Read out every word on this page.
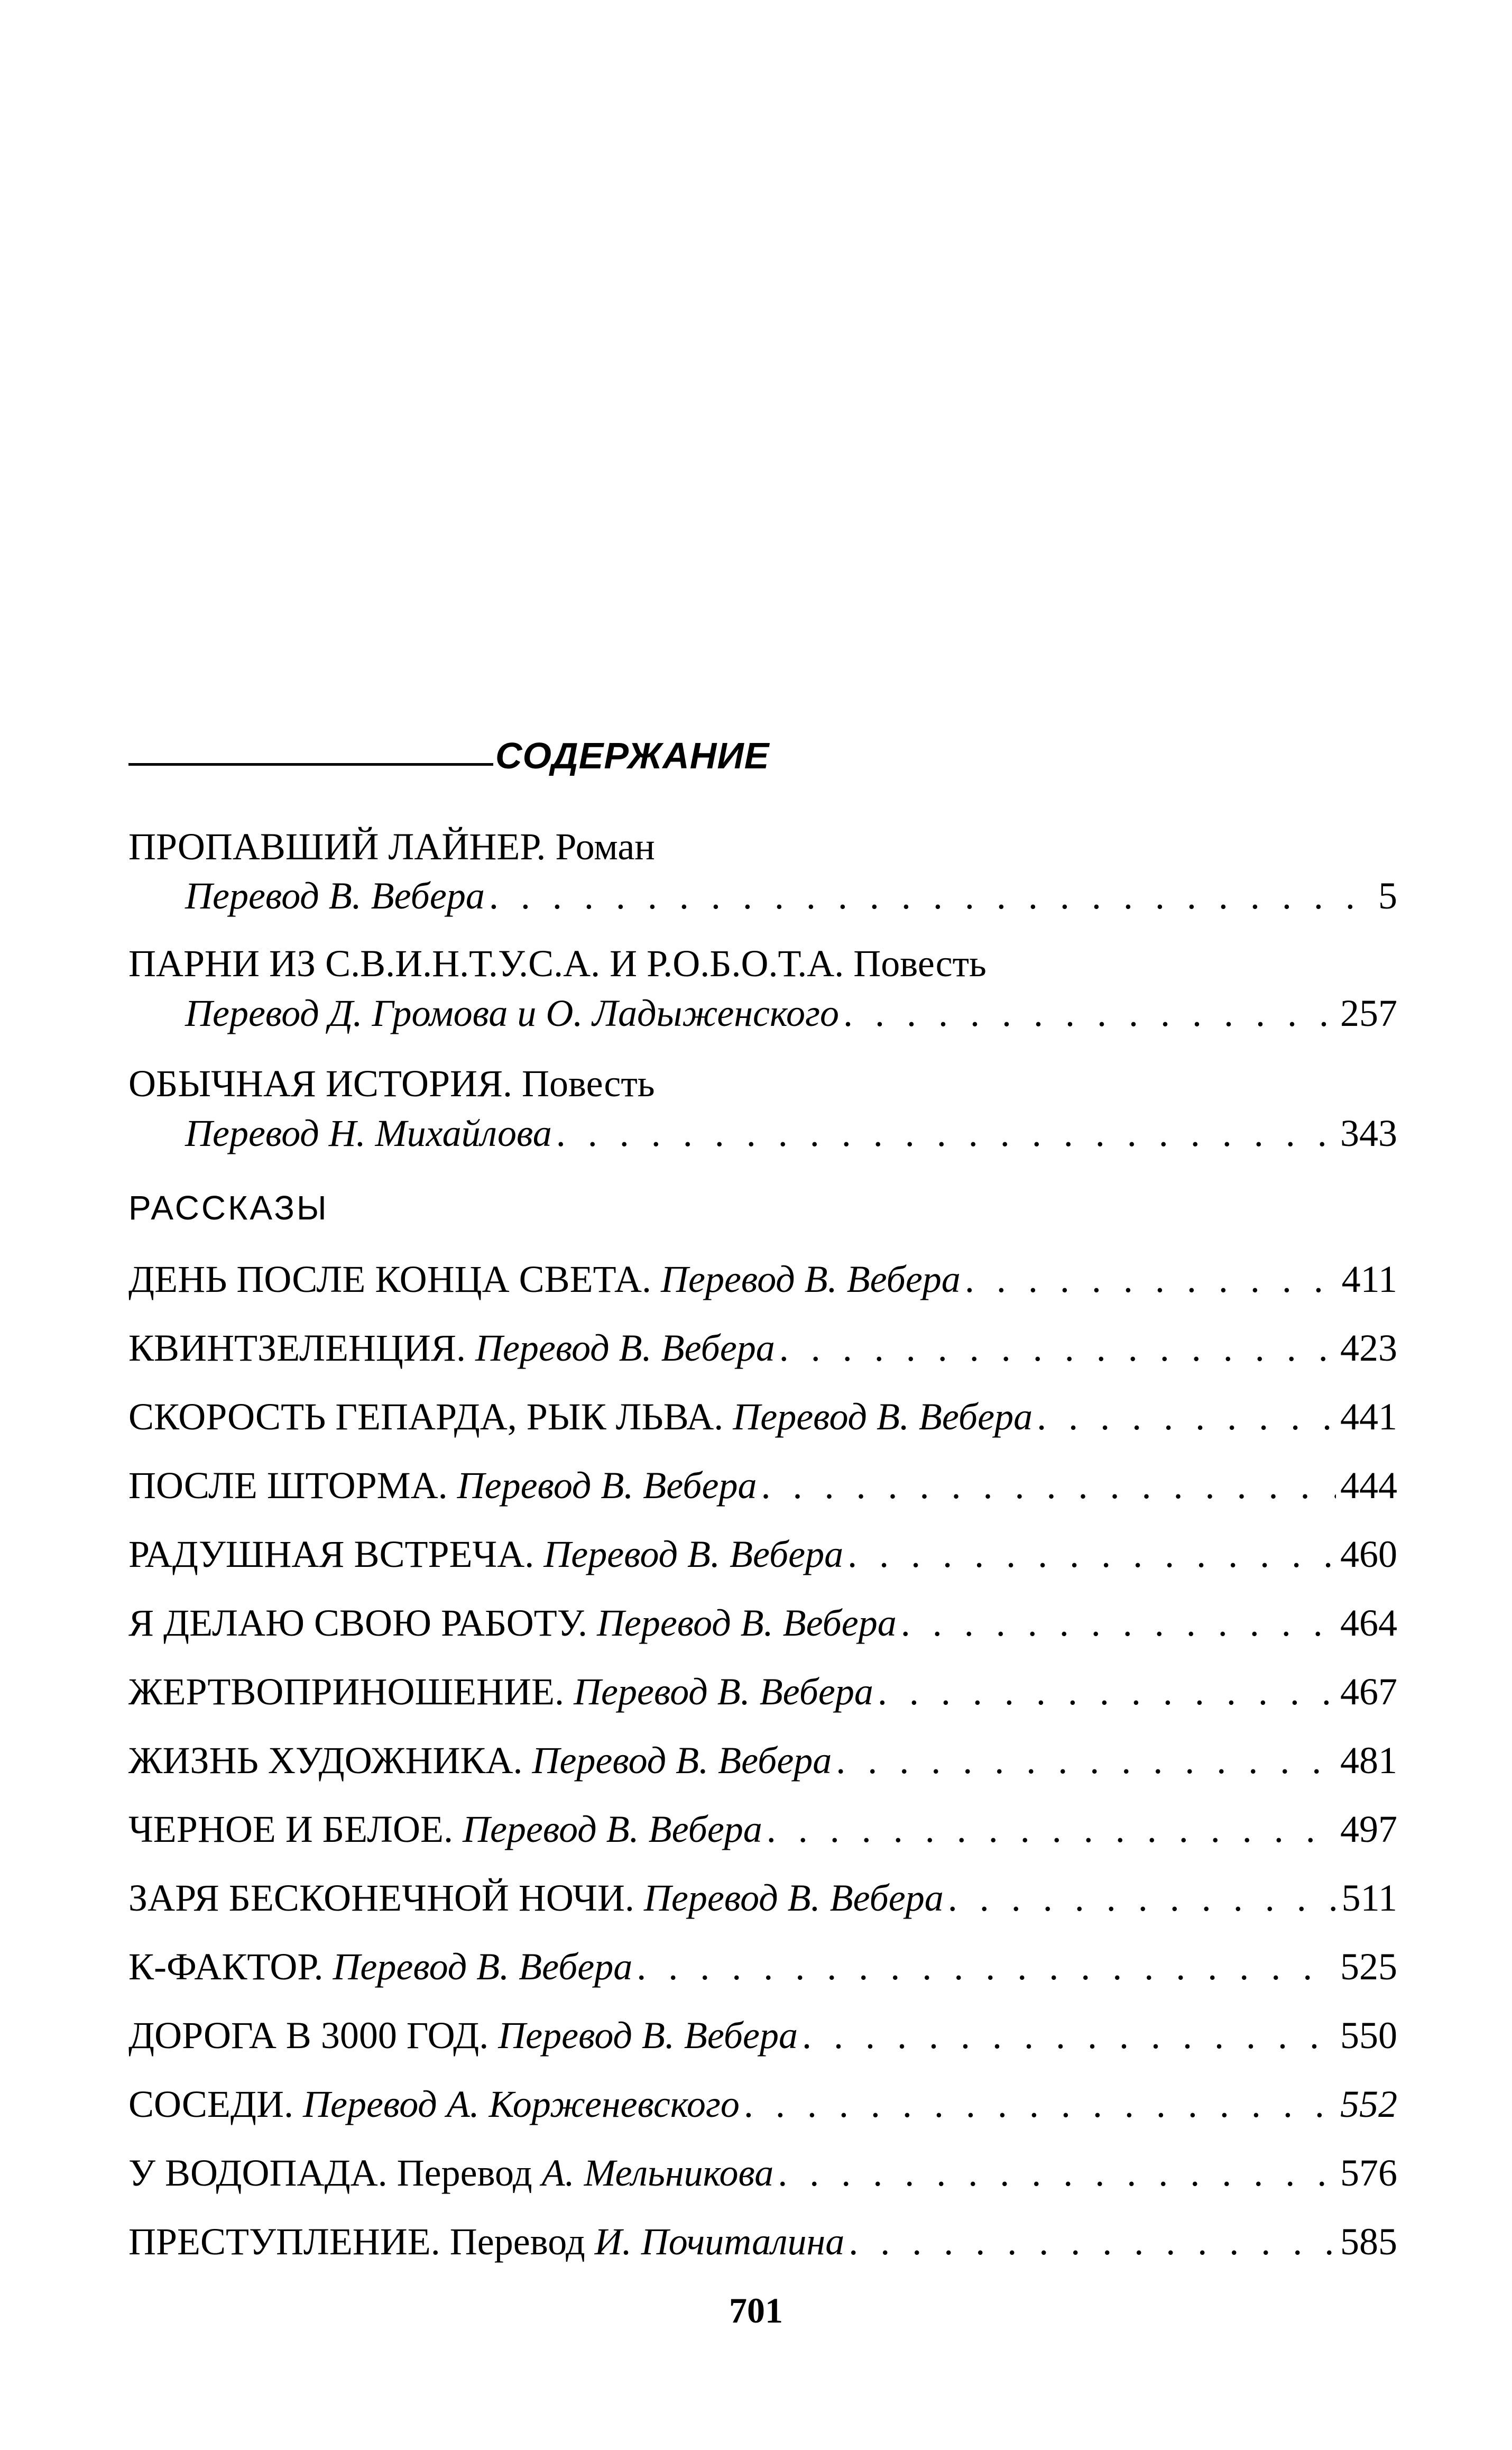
СОДЕРЖАНИЕ
ПРОПАВШИЙ ЛАЙНЕР. Роман
Перевод В. Вебера . . .	5
ПАРНИ ИЗ С.В.И.Н.Т.У.С.А. И Р.О.Б.О.Т.А. Повесть
Перевод Д. Громова и О. Ладыженского . . .	257
ОБЫЧНАЯ ИСТОРИЯ. Повесть
Перевод Н. Михайлова . . .	343
РАССКАЗЫ
ДЕНЬ ПОСЛЕ КОНЦА СВЕТА.
Перевод В. Вебера . . .	411
КВИНТЗЕЛЕНЦИЯ.
Перевод В. Вебера . . .	423
СКОРОСТЬ ГЕПАРДА, РЫК ЛЬВА.
Перевод В. Вебера . . .	441
ПОСЛЕ ШТОРМА.
Перевод В. Вебера . . .	444
РАДУШНАЯ ВСТРЕЧА.
Перевод В. Вебера . . .	460
Я ДЕЛАЮ СВОЮ РАБОТУ.
Перевод В. Вебера . . .	464
ЖЕРТВОПРИНОШЕНИЕ.
Перевод В. Вебера . . .	467
ЖИЗНЬ ХУДОЖНИКА.
Перевод В. Вебера . . .	481
ЧЕРНОЕ И БЕЛОЕ.
Перевод В. Вебера . . .	497
ЗАРЯ БЕСКОНЕЧНОЙ НОЧИ.
Перевод В. Вебера . . .	511
К-ФАКТОР.
Перевод В. Вебера . . .	525
ДОРОГА В 3000 ГОД.
Перевод В. Вебера . . .	550
СОСЕДИ.
Перевод А. Корженевского . . .	552
У ВОДОПАДА.
Перевод
А. Мельникова . . .	576
ПРЕСТУПЛЕНИЕ.
Перевод
И. Почиталина . . .	585
701
